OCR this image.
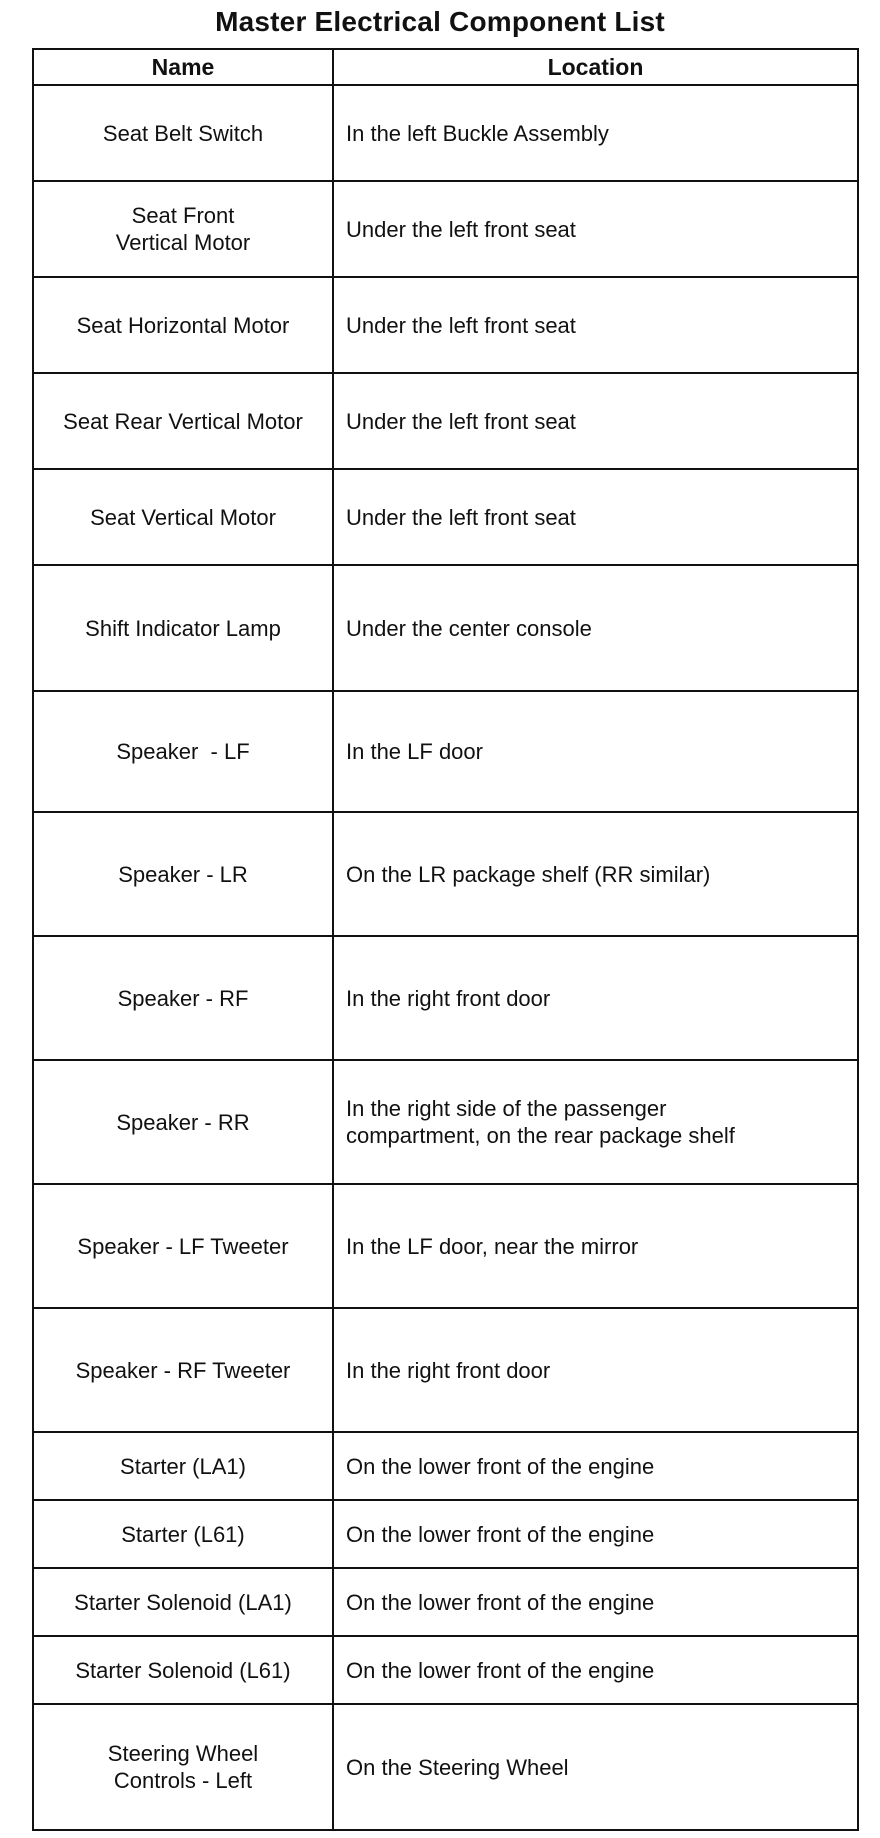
Master Electrical Component List
Name	Location
Seat Belt Switch	In the left Buckle Assembly
Seat Front
Vertical Motor	Under the left front seat
Seat Horizontal Motor	Under the left front seat
Seat Rear Vertical Motor	Under the left front seat
Seat Vertical Motor	Under the left front seat
Shift Indicator Lamp	Under the center console
Speaker  - LF	In the LF door
Speaker - LR	On the LR package shelf (RR similar)
Speaker - RF	In the right front door
Speaker - RR	In the right side of the passenger
compartment, on the rear package shelf
Speaker - LF Tweeter	In the LF door, near the mirror
Speaker - RF Tweeter	In the right front door
Starter (LA1)	On the lower front of the engine
Starter (L61)	On the lower front of the engine
Starter Solenoid (LA1)	On the lower front of the engine
Starter Solenoid (L61)	On the lower front of the engine
Steering Wheel
Controls - Left	On the Steering Wheel
